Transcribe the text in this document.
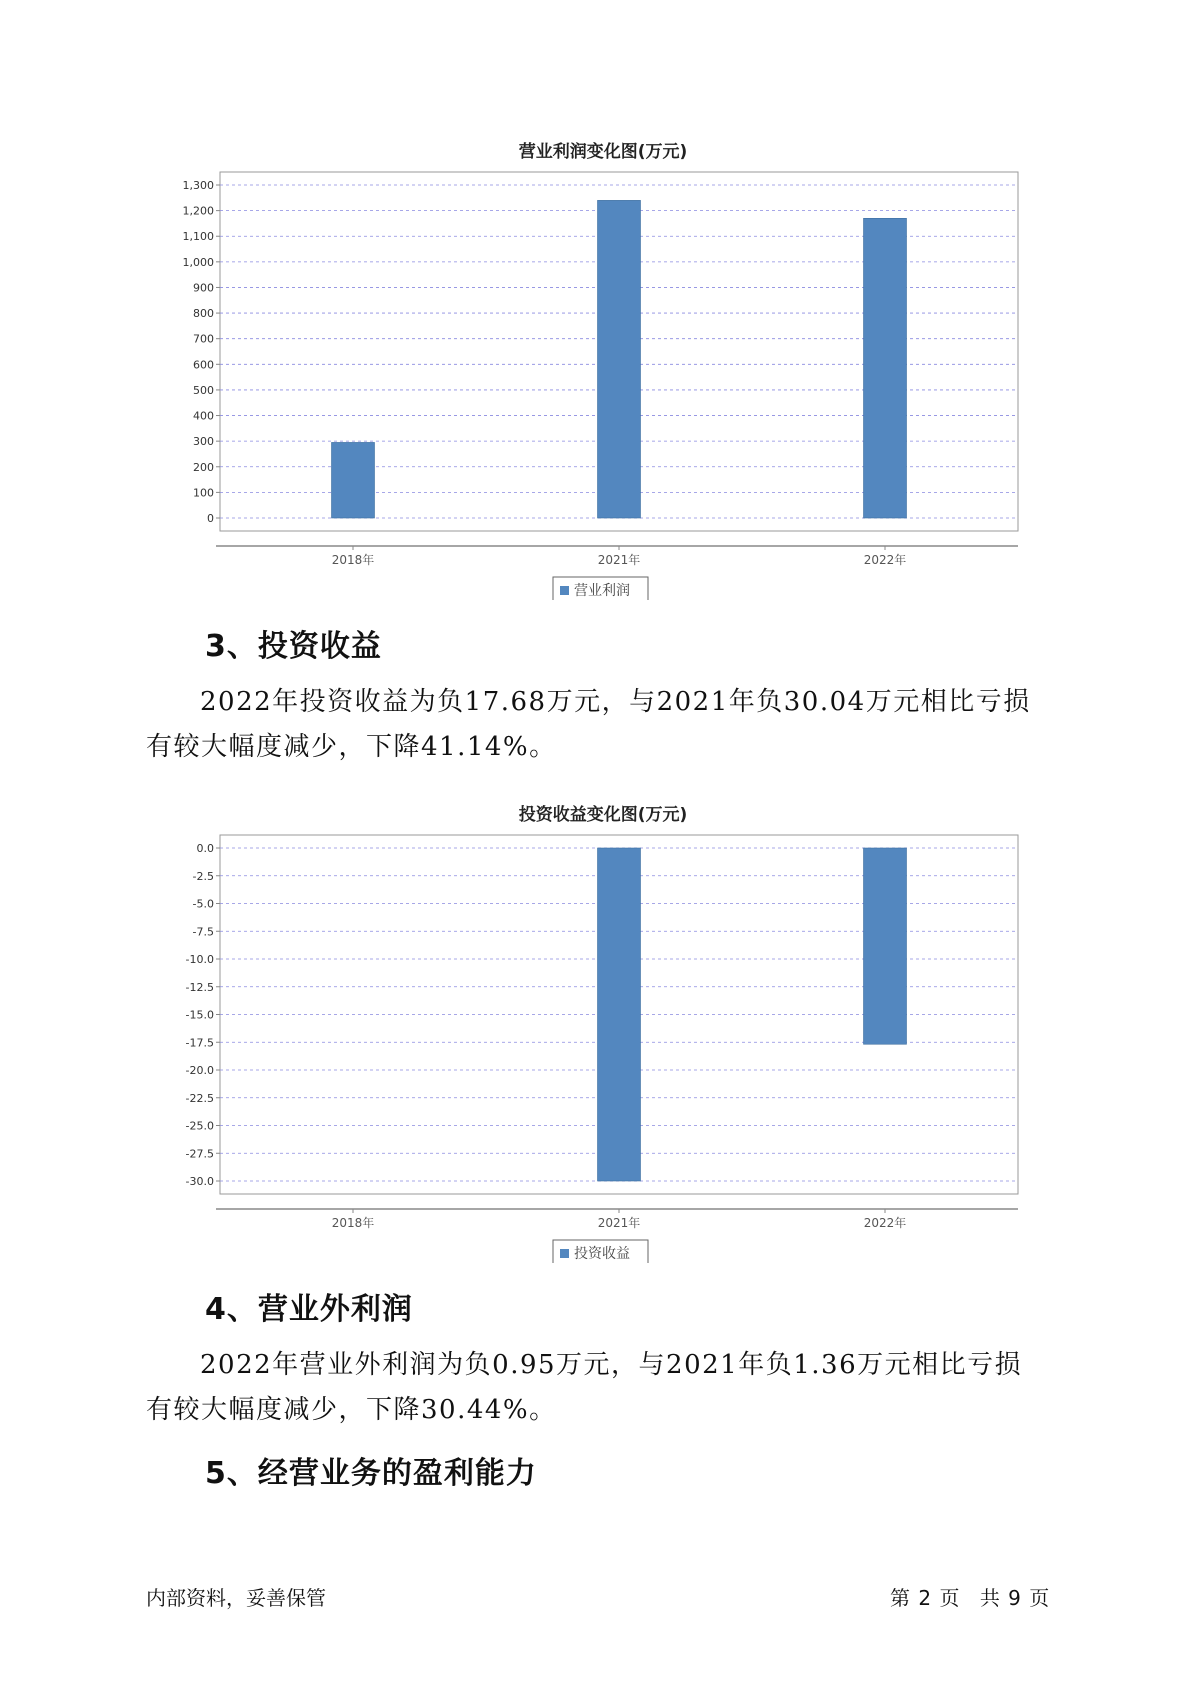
营业利润变化图(万元)
0
100
200
300
400
500
600
700
800
900
1,000
1,100
1,200
1,300
2018年	2021年	2022年
营业利润
3、投资收益

2022年投资收益为负17.68万元，与2021年负30.04万元相比亏损有较大幅度减少，下降41.14%。

投资收益变化图(万元)
0.0
-2.5
-5.0
-7.5
-10.0
-12.5
-15.0
-17.5
-20.0
-22.5
-25.0
-27.5
-30.0
2018年	2021年	2022年
投资收益
4、营业外利润

2022年营业外利润为负0.95万元，与2021年负1.36万元相比亏损有较大幅度减少，下降30.44%。

5、经营业务的盈利能力
内部资料，妥善保管	第 2 页 共 9 页
